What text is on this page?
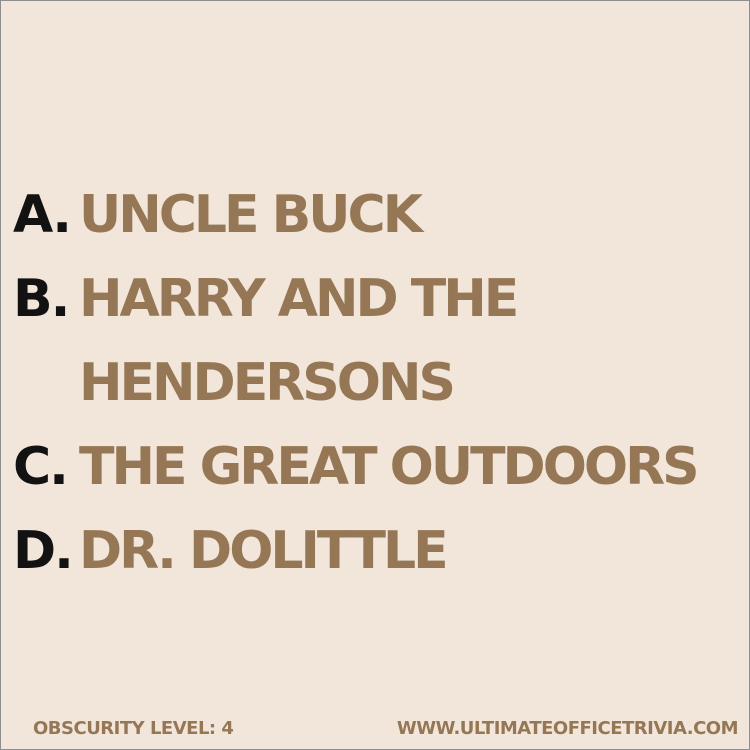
A. UNCLE BUCK
B. HARRY AND THE
HENDERSONS
C. THE GREAT OUTDOORS
D. DR. DOLITTLE
OBSCURITY LEVEL: 4	WWW.ULTIMATEOFFICETRIVIA.COM
